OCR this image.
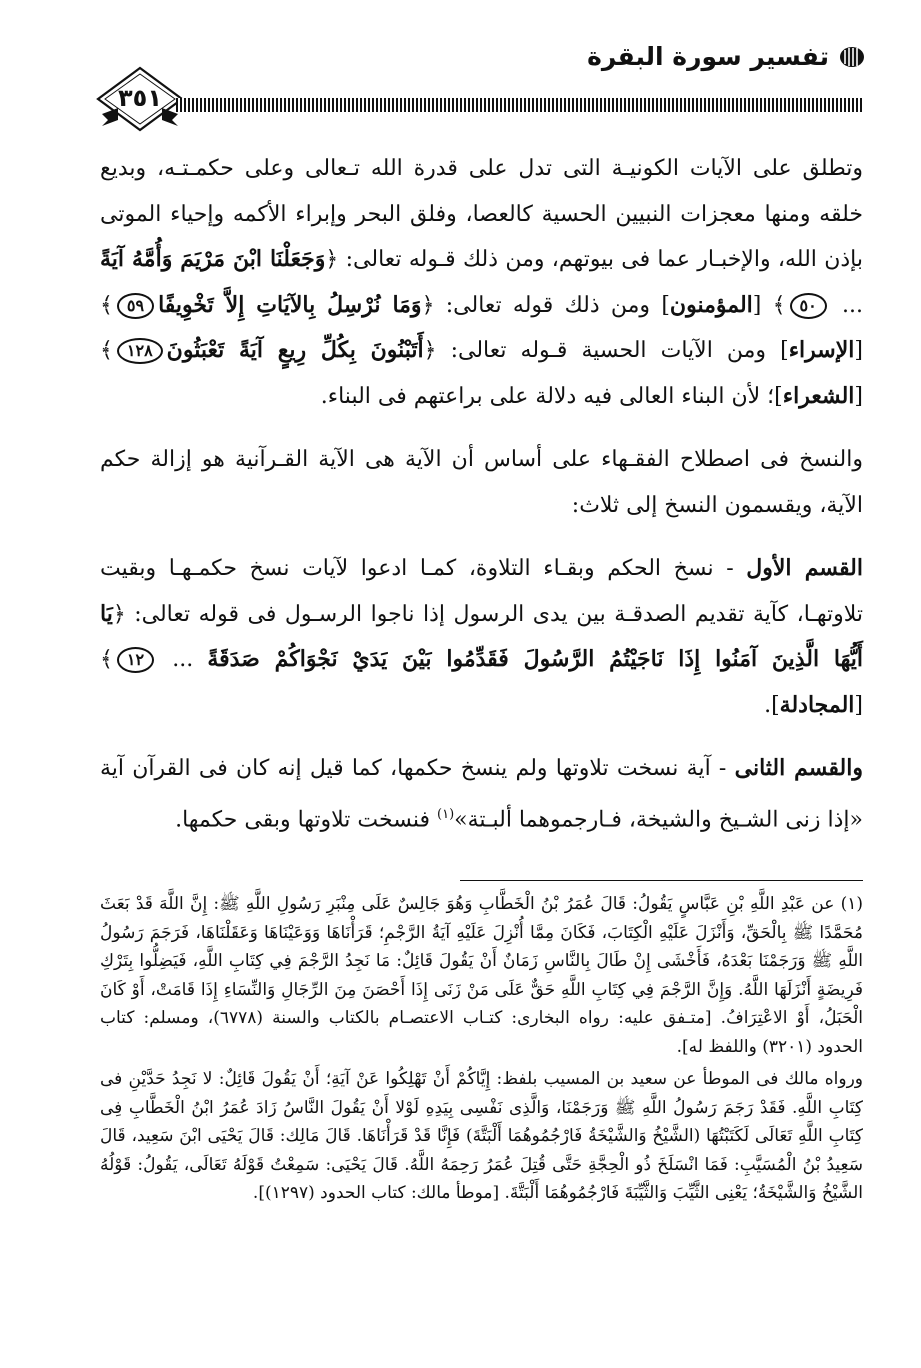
تفسير سورة البقرة
٣٥١

وتطلق على الآيات الكونيـة التى تدل على قدرة الله تـعالى وعلى حكمـتـه، وبديع خلقه ومنها معجزات النبيين الحسية كالعصا، وفلق البحر وإبراء الأكمه وإحياء الموتى بإذن الله، والإخبـار عما فى بيوتهم، ومن ذلك قـوله تعالى: ﴿وَجَعَلْنَا ابْنَ مَرْيَمَ وَأُمَّهُ آيَةً ... ٥٠﴾ [المؤمنون] ومن ذلك قوله تعالى: ﴿وَمَا نُرْسِلُ بِالآيَاتِ إِلاَّ تَخْوِيفًا٥٩﴾ [الإسراء] ومن الآيات الحسية قـوله تعالى: ﴿أَتَبْنُونَ بِكُلِّ رِيعٍ آيَةً تَعْبَثُونَ١٢٨﴾ [الشعراء]؛ لأن البناء العالى فيه دلالة على براعتهم فى البناء.

والنسخ فى اصطلاح الفقـهاء على أساس أن الآية هى الآية القـرآنية هو إزالة حكم الآية، ويقسمون النسخ إلى ثلاث:

القسم الأول - نسخ الحكم وبقـاء التلاوة، كمـا ادعوا لآيات نسخ حكمـهـا وبقيت تلاوتهـا، كآية تقديم الصدقـة بين يدى الرسول إذا ناجوا الرسـول فى قوله تعالى: ﴿يَا أَيُّهَا الَّذِينَ آمَنُوا إِذَا نَاجَيْتُمُ الرَّسُولَ فَقَدِّمُوا بَيْنَ يَدَيْ نَجْوَاكُمْ صَدَقَةً ... ١٢﴾ [المجادلة].

والقسم الثانى - آية نسخت تلاوتها ولم ينسخ حكمها، كما قيل إنه كان فى القرآن آية «إذا زنى الشـيخ والشيخة، فـارجموهما ألبـتة»$^{(١)}$ فنسخت تلاوتها وبقى حكمها.

(١) عن عَبْدِ اللَّهِ بْنِ عَبَّاسٍ يَقُولُ: قَالَ عُمَرُ بْنُ الْخَطَّابِ وَهُوَ جَالِسٌ عَلَى مِنْبَرِ رَسُولِ اللَّهِ ﷺ: إِنَّ اللَّهَ قَدْ بَعَثَ مُحَمَّدًا ﷺ بِالْحَقِّ، وَأَنْزَلَ عَلَيْهِ الْكِتَابَ، فَكَانَ مِمَّا أُنْزِلَ عَلَيْهِ آيَةُ الرَّجْمِ؛ قَرَأْنَاهَا وَوَعَيْنَاهَا وَعَقَلْنَاهَا، فَرَجَمَ رَسُولُ اللَّهِ ﷺ وَرَجَمْنَا بَعْدَهُ، فَأَخْشَى إِنْ طَالَ بِالنَّاسِ زَمَانٌ أَنْ يَقُولَ قَائِلٌ: مَا نَجِدُ الرَّجْمَ فِي كِتَابِ اللَّهِ، فَيَضِلُّوا بِتَرْكِ فَرِيضَةٍ أَنْزَلَهَا اللَّهُ. وَإِنَّ الرَّجْمَ فِي كِتَابِ اللَّهِ حَقٌّ عَلَى مَنْ زَنَى إِذَا أَحْصَنَ مِنَ الرِّجَالِ وَالنِّسَاءِ إِذَا قَامَتْ، أَوْ كَانَ الْحَبَلُ، أَوْ الاعْتِرَافُ. [متـفق عليه: رواه البخارى: كتـاب الاعتصـام بالكتاب والسنة (٦٧٧٨)، ومسلم: كتاب الحدود (٣٢٠١) واللفظ له].

ورواه مالك فى الموطأ عن سعيد بن المسيب بلفظ: إِيَّاكُمْ أَنْ تَهْلِكُوا عَنْ آيَةِ؛ أَنْ يَقُولَ قَائِلٌ: لا نَجِدُ حَدَّيْنِ فى كِتَابِ اللَّهِ. فَقَدْ رَجَمَ رَسُولُ اللَّهِ ﷺ وَرَجَمْنَا، وَالَّذِى نَفْسِى بِيَدِهِ لَوْلا أَنْ يَقُولَ النَّاسُ زَادَ عُمَرُ ابْنُ الْخَطَّابِ فِى كِتَابِ اللَّهِ تَعَالَى لَكَتَبْتُهَا (الشَّيْخُ وَالشَّيْخَةُ فَارْجُمُوهُمَا أَلْبَتَّةَ) فَإِنَّا قَدْ قَرَأْنَاهَا. قَالَ مَالِك: قَالَ يَحْيَى ابْنَ سَعِيد، قَالَ سَعِيدُ بْنُ الْمُسَيَّبِ: فَمَا انْسَلَخَ ذُو الْحِجَّةِ حَتَّى قُتِلَ عُمَرُ رَحِمَهُ اللَّهُ. قَالَ يَحْيَى: سَمِعْتُ قَوْلَهُ تَعَالَى، يَقُولُ: قَوْلُهُ الشَّيْخُ وَالشَّيْخَةُ؛ يَعْنِى الثَّيِّبَ وَالثَّيِّبَةَ فَارْجُمُوهُمَا أَلْبَتَّةَ. [موطأ مالك: كتاب الحدود (١٢٩٧)].
